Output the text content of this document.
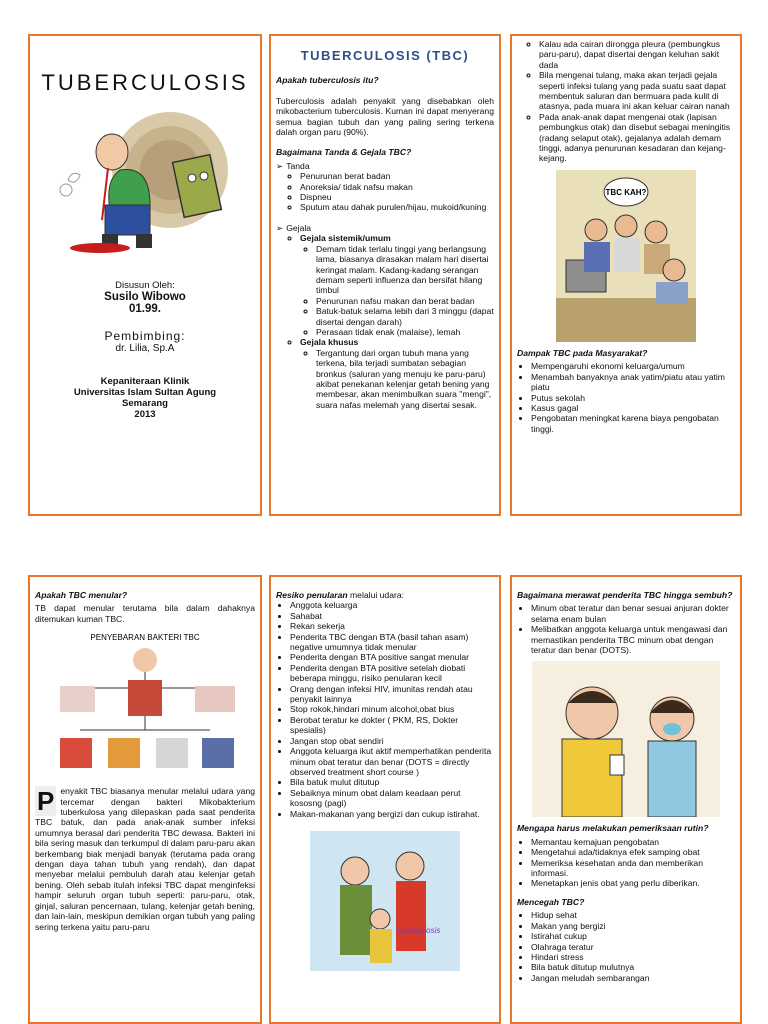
TUBERCULOSIS
Disusun Oleh:
Susilo Wibowo
01.99.
Pembimbing:
dr. Lilia, Sp.A
Kepaniteraan Klinik
Universitas Islam Sultan Agung
Semarang
2013
TUBERCULOSIS (TBC)
Apakah tuberculosis itu?

Tuberculosis adalah penyakit yang disebabkan oleh mikobacterium tuberculosis. Kuman ini dapat menyerang semua bagian tubuh dan yang paling sering terkena dalah organ paru (90%).

Bagaimana Tanda & Gejala TBC?
➢ Tanda
◦ Penurunan berat badan
◦ Anoreksia/ tidak nafsu makan
◦ Dispneu
◦ Sputum atau dahak purulen/hijau, mukoid/kuning
➢ Gejala
◦ Gejala sistemik/umum
◦ Demam tidak terlalu tinggi yang berlangsung lama, biasanya dirasakan malam hari disertai keringat malam. Kadang-kadang serangan demam seperti influenza dan bersifat hilang timbul
◦ Penurunan nafsu makan dan berat badan
◦ Batuk-batuk selama lebih dari 3 minggu (dapat disertai dengan darah)
◦ Perasaan tidak enak (malaise), lemah
◦ Gejala khusus
◦ Tergantung dari organ tubuh mana yang terkena, bila terjadi sumbatan sebagian bronkus (saluran yang menuju ke paru-paru) akibat penekanan kelenjar getah bening yang membesar, akan menimbulkan suara "mengi", suara nafas melemah yang disertai sesak.
◦ Kalau ada cairan dirongga pleura (pembungkus paru-paru), dapat disertai dengan keluhan sakit dada
◦ Bila mengenai tulang, maka akan terjadi gejala seperti infeksi tulang yang pada suatu saat dapat membentuk saluran dan bermuara pada kulit di atasnya, pada muara ini akan keluar cairan nanah
◦ Pada anak-anak dapat mengenai otak (lapisan pembungkus otak) dan disebut sebagai meningitis (radang selaput otak), gejalanya adalah demam tinggi, adanya penurunan kesadaran dan kejang-kejang.
TBC KAH?
Dampak TBC pada Masyarakat?
• Mempengaruhi ekonomi keluarga/umum
• Menambah banyaknya anak yatim/piatu atau yatim piatu
• Putus sekolah
• Kasus gagal
• Pengobatan meningkat karena biaya pengobatan tinggi.
Apakah TBC menular?

TB dapat menular terutama bila dalam dahaknya ditemukan kuman TBC.

PENYEBARAN BAKTERI TBC
P enyakit TBC biasanya menular melalui udara yang tercemar dengan bakteri Mikobakterium tuberkulosa yang dilepaskan pada saat penderita TBC batuk, dan pada anak-anak sumber infeksi umumnya berasal dari penderita TBC dewasa. Bakteri ini bila sering masuk dan terkumpul di dalam paru-paru akan berkembang biak menjadi banyak (terutama pada orang dengan daya tahan tubuh yang rendah), dan dapat menyebar melalui pembuluh darah atau kelenjar getah bening. Oleh sebab itulah infeksi TBC dapat menginfeksi hampir seluruh organ tubuh seperti: paru-paru, otak, ginjal, saluran pencernaan, tulang, kelenjar getah bening, dan lain-lain, meskipun demikian organ tubuh yang paling sering terkena yaitu paru-paru

Resiko penularan melalui udara:
• Anggota keluarga
• Sahabat
• Rekan sekerja
• Penderita TBC dengan BTA (basil tahan asam) negative umumnya tidak menular
• Penderita dengan BTA positive sangat menular
• Penderita dengan BTA positive setelah diobati beberapa minggu, risiko penularan kecil
• Orang dengan infeksi HIV, imunitas rendah atau penyakit lainnya
• Stop rokok,hindari minum alcohol,obat bius
• Berobat teratur ke dokter ( PKM, RS, Dokter spesialis)
• Jangan stop obat sendiri
• Anggota keluarga ikut aktif memperhatikan penderita minum obat teratur dan benar (DOTS = directly observed treatment short course )
• Bila batuk mulut ditutup
• Sebaiknya minum obat dalam keadaan perut kososng (pagi)
• Makan-makanan yang bergizi dan cukup istirahat.
Tuberkulosis
Bagaimana merawat penderita TBC hingga sembuh?
• Minum obat teratur dan benar sesuai anjuran dokter selama enam bulan
• Melibatkan anggota keluarga untuk mengawasi dan memastikan penderita TBC minum obat dengan teratur dan benar (DOTS).
Mengapa harus melakukan pemeriksaan rutin?
• Memantau kemajuan pengobatan
• Mengetahui ada/tidaknya efek samping obat
• Memeriksa kesehatan anda dan memberikan informasi.
• Menetapkan jenis obat yang perlu diberikan.
Mencegah TBC?
• Hidup sehat
• Makan yang bergizi
• Istirahat cukup
• Olahraga teratur
• Hindari stress
• Bila batuk ditutup mulutnya
• Jangan meludah sembarangan
